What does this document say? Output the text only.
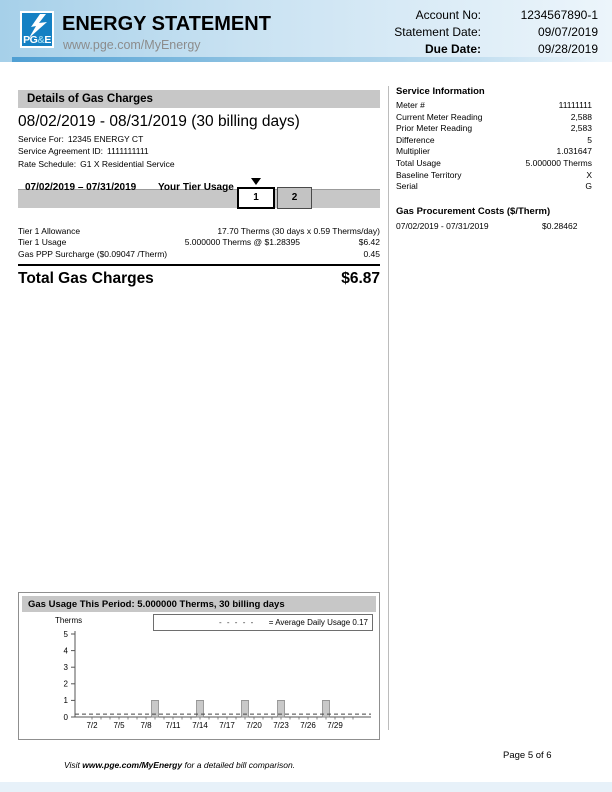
PG&E
ENERGY STATEMENT
www.pge.com/MyEnergy
Account No:	1234567890-1
Statement Date:	09/07/2019
Due Date:	09/28/2019
Details of Gas Charges
08/02/2019 - 08/31/2019 (30 billing days)
Service For: 12345 ENERGY CT
Service Agreement ID: 1111111111
Rate Schedule: G1 X Residential Service
07/02/2019 – 07/31/2019 Your Tier Usage
1	2
Tier 1 Allowance	17.70 Therms (30 days x 0.59 Therms/day)
Tier 1 Usage	5.000000 Therms @ $1.28395	$6.42
Gas PPP Surcharge ($0.09047 /Therm)	0.45
Total Gas Charges	$6.87
Service Information
Meter #	11111111
Current Meter Reading	2,588
Prior Meter Reading	2,583
Difference	5
Multiplier	1.031647
Total Usage	5.000000 Therms
Baseline Territory	X
Serial	G
Gas Procurement Costs ($/Therm)
07/02/2019 - 07/31/2019	$0.28462
0
1
2
3
4
5
7/2 7/5 7/8 7/11 7/14 7/17 7/20 7/23 7/26 7/29
Gas Usage This Period: 5.000000 Therms, 30 billing days
Therms	- - - - - = Average Daily Usage 0.17
Visit www.pge.com/MyEnergy for a detailed bill comparison.
Page 5 of 6
